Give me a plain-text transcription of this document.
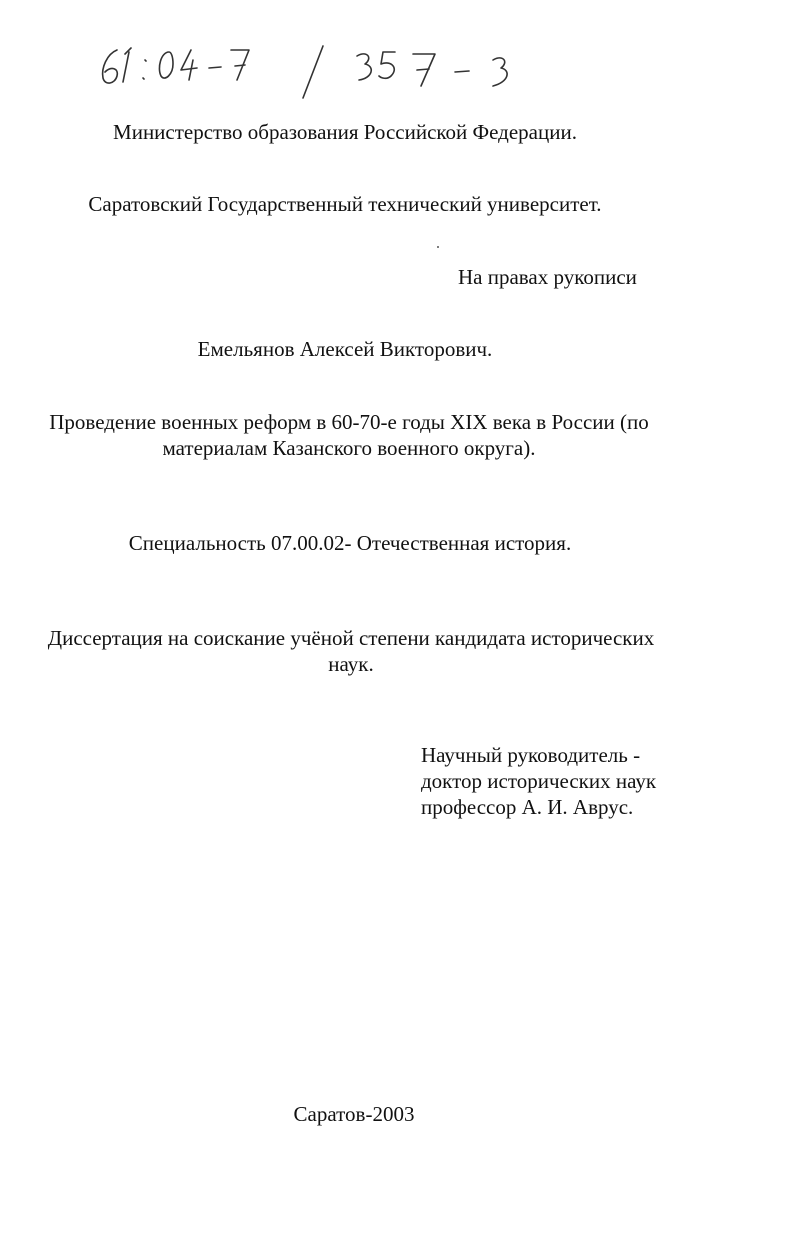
Министерство образования Российской Федерации.
Саратовский Государственный технический университет.
На правах рукописи
Емельянов Алексей Викторович.
Проведение военных реформ в 60-70-е годы XIX века в России (по
материалам Казанского военного округа).
Специальность 07.00.02- Отечественная история.
Диссертация на соискание учёной степени кандидата исторических
наук.
Научный руководитель -
доктор исторических наук
профессор А. И. Аврус.
Саратов-2003
